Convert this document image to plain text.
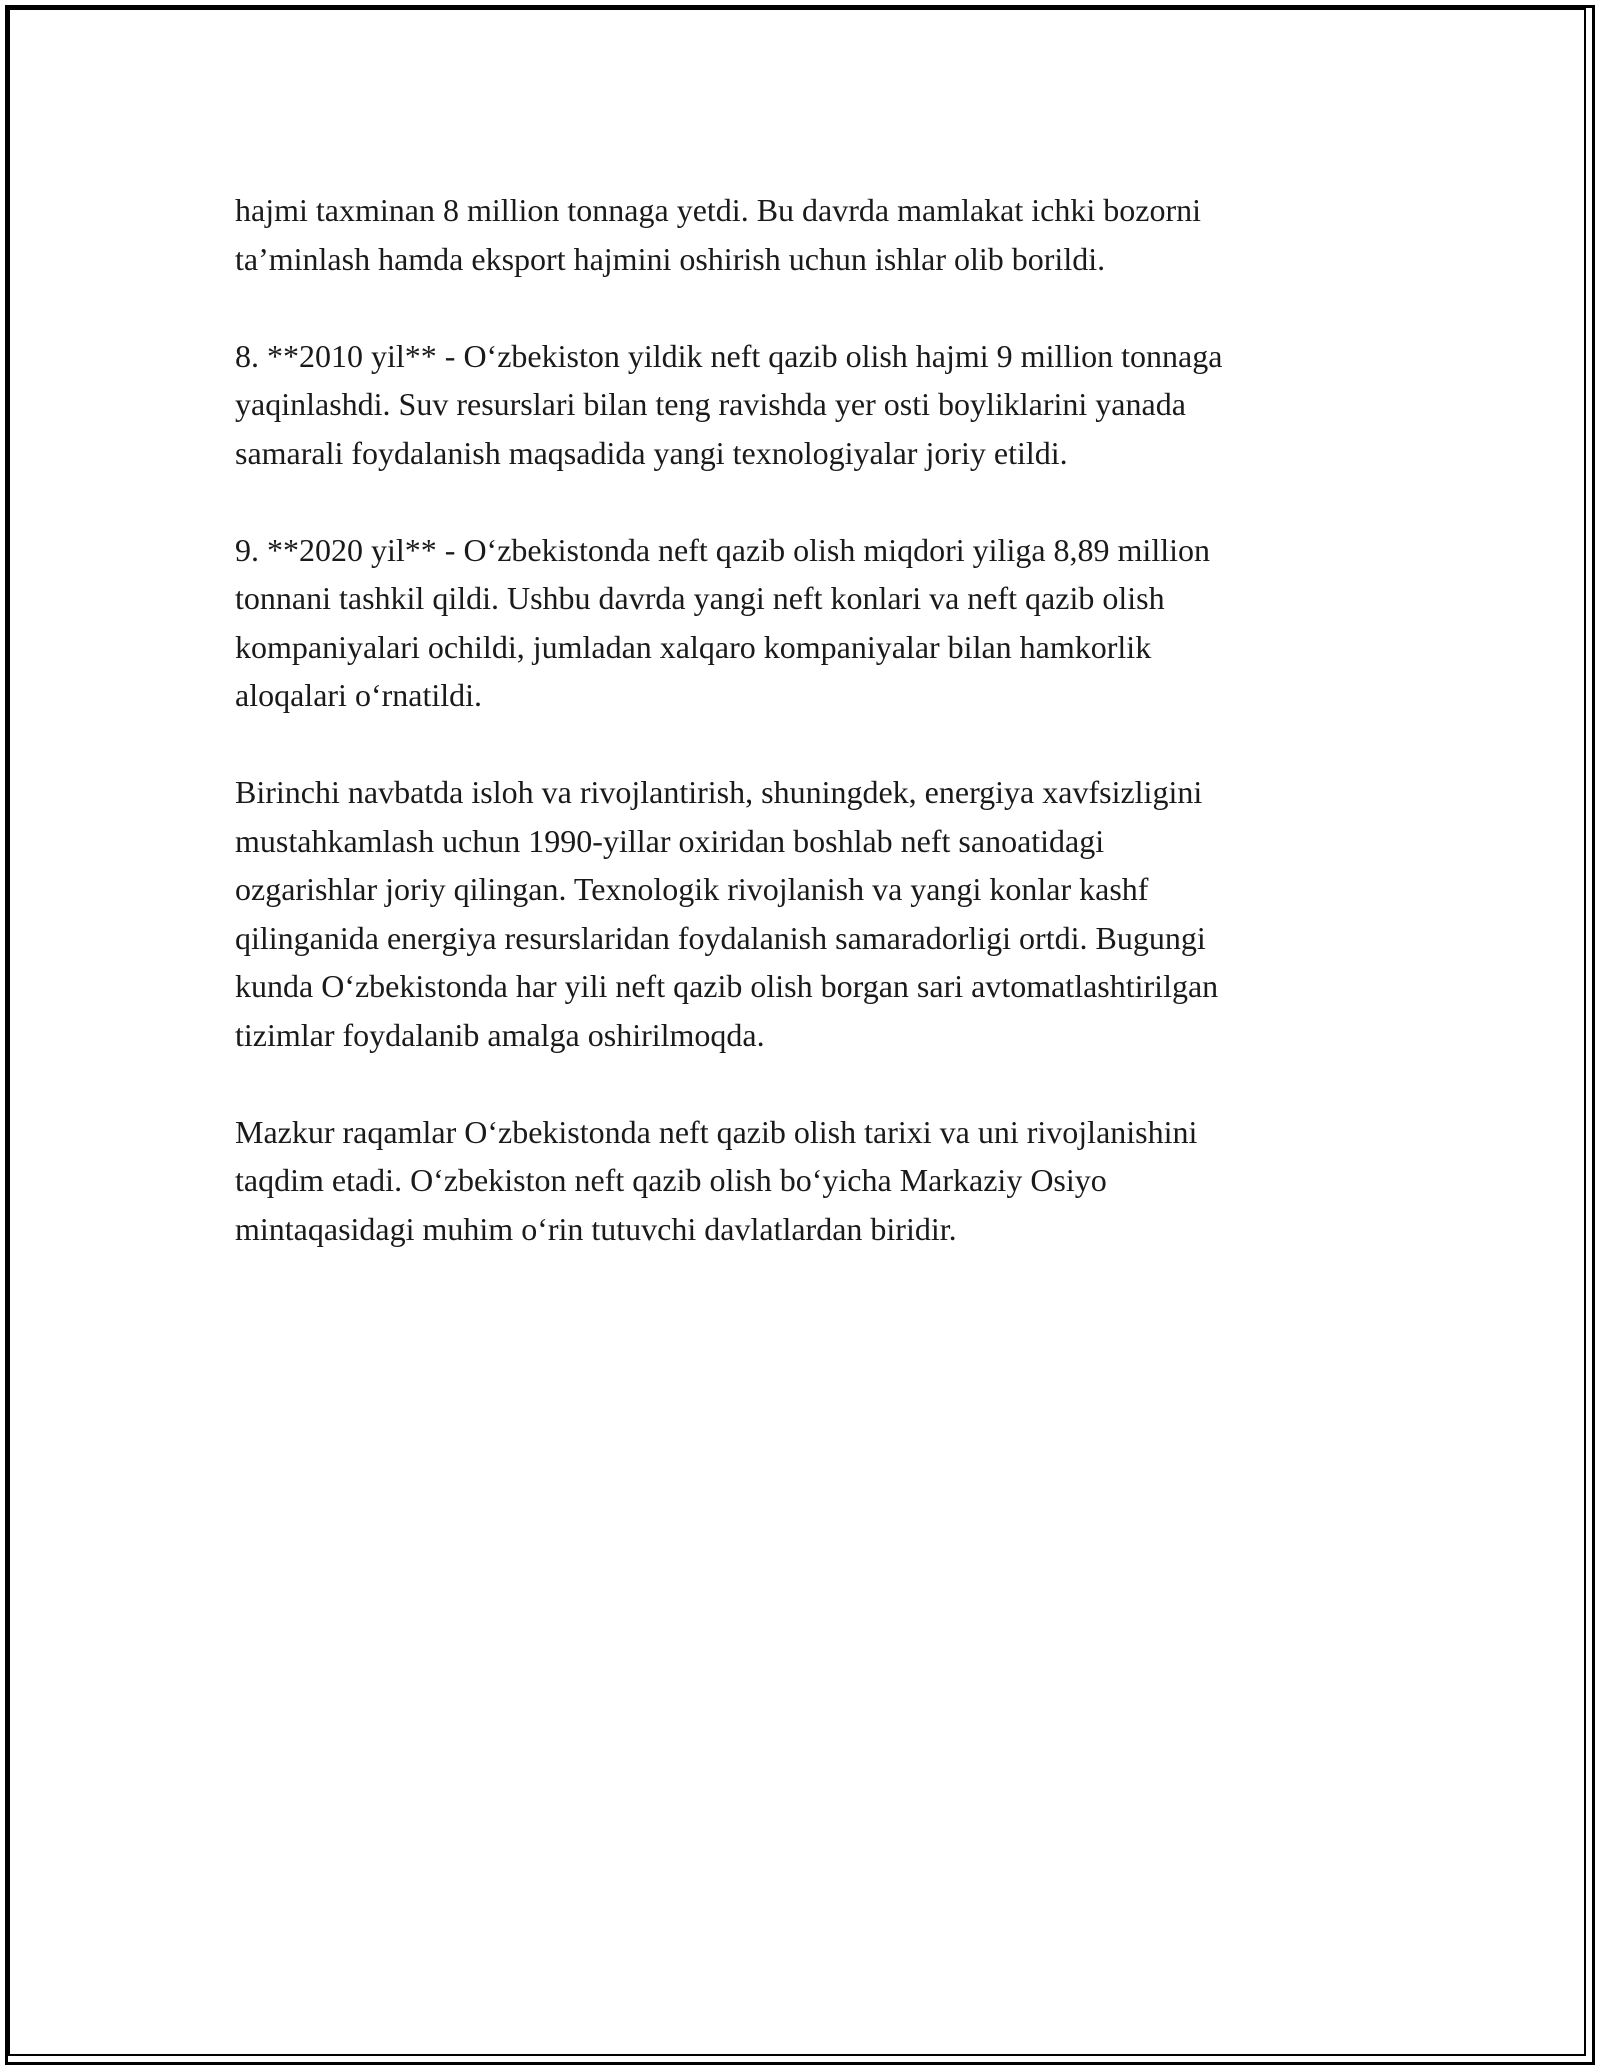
hajmi taxminan 8 million tonnaga yetdi. Bu davrda mamlakat ichki bozorni
ta’minlash hamda eksport hajmini oshirish uchun ishlar olib borildi.

8. **2010 yil** - O‘zbekiston yildik neft qazib olish hajmi 9 million tonnaga
yaqinlashdi. Suv resurslari bilan teng ravishda yer osti boyliklarini yanada
samarali foydalanish maqsadida yangi texnologiyalar joriy etildi.

9. **2020 yil** - O‘zbekistonda neft qazib olish miqdori yiliga 8,89 million
tonnani tashkil qildi. Ushbu davrda yangi neft konlari va neft qazib olish
kompaniyalari ochildi, jumladan xalqaro kompaniyalar bilan hamkorlik
aloqalari o‘rnatildi.

Birinchi navbatda isloh va rivojlantirish, shuningdek, energiya xavfsizligini
mustahkamlash uchun 1990-yillar oxiridan boshlab neft sanoatidagi
ozgarishlar joriy qilingan. Texnologik rivojlanish va yangi konlar kashf
qilinganida energiya resurslaridan foydalanish samaradorligi ortdi. Bugungi
kunda O‘zbekistonda har yili neft qazib olish borgan sari avtomatlashtirilgan
tizimlar foydalanib amalga oshirilmoqda.

Mazkur raqamlar O‘zbekistonda neft qazib olish tarixi va uni rivojlanishini
taqdim etadi. O‘zbekiston neft qazib olish bo‘yicha Markaziy Osiyo
mintaqasidagi muhim o‘rin tutuvchi davlatlardan biridir.
